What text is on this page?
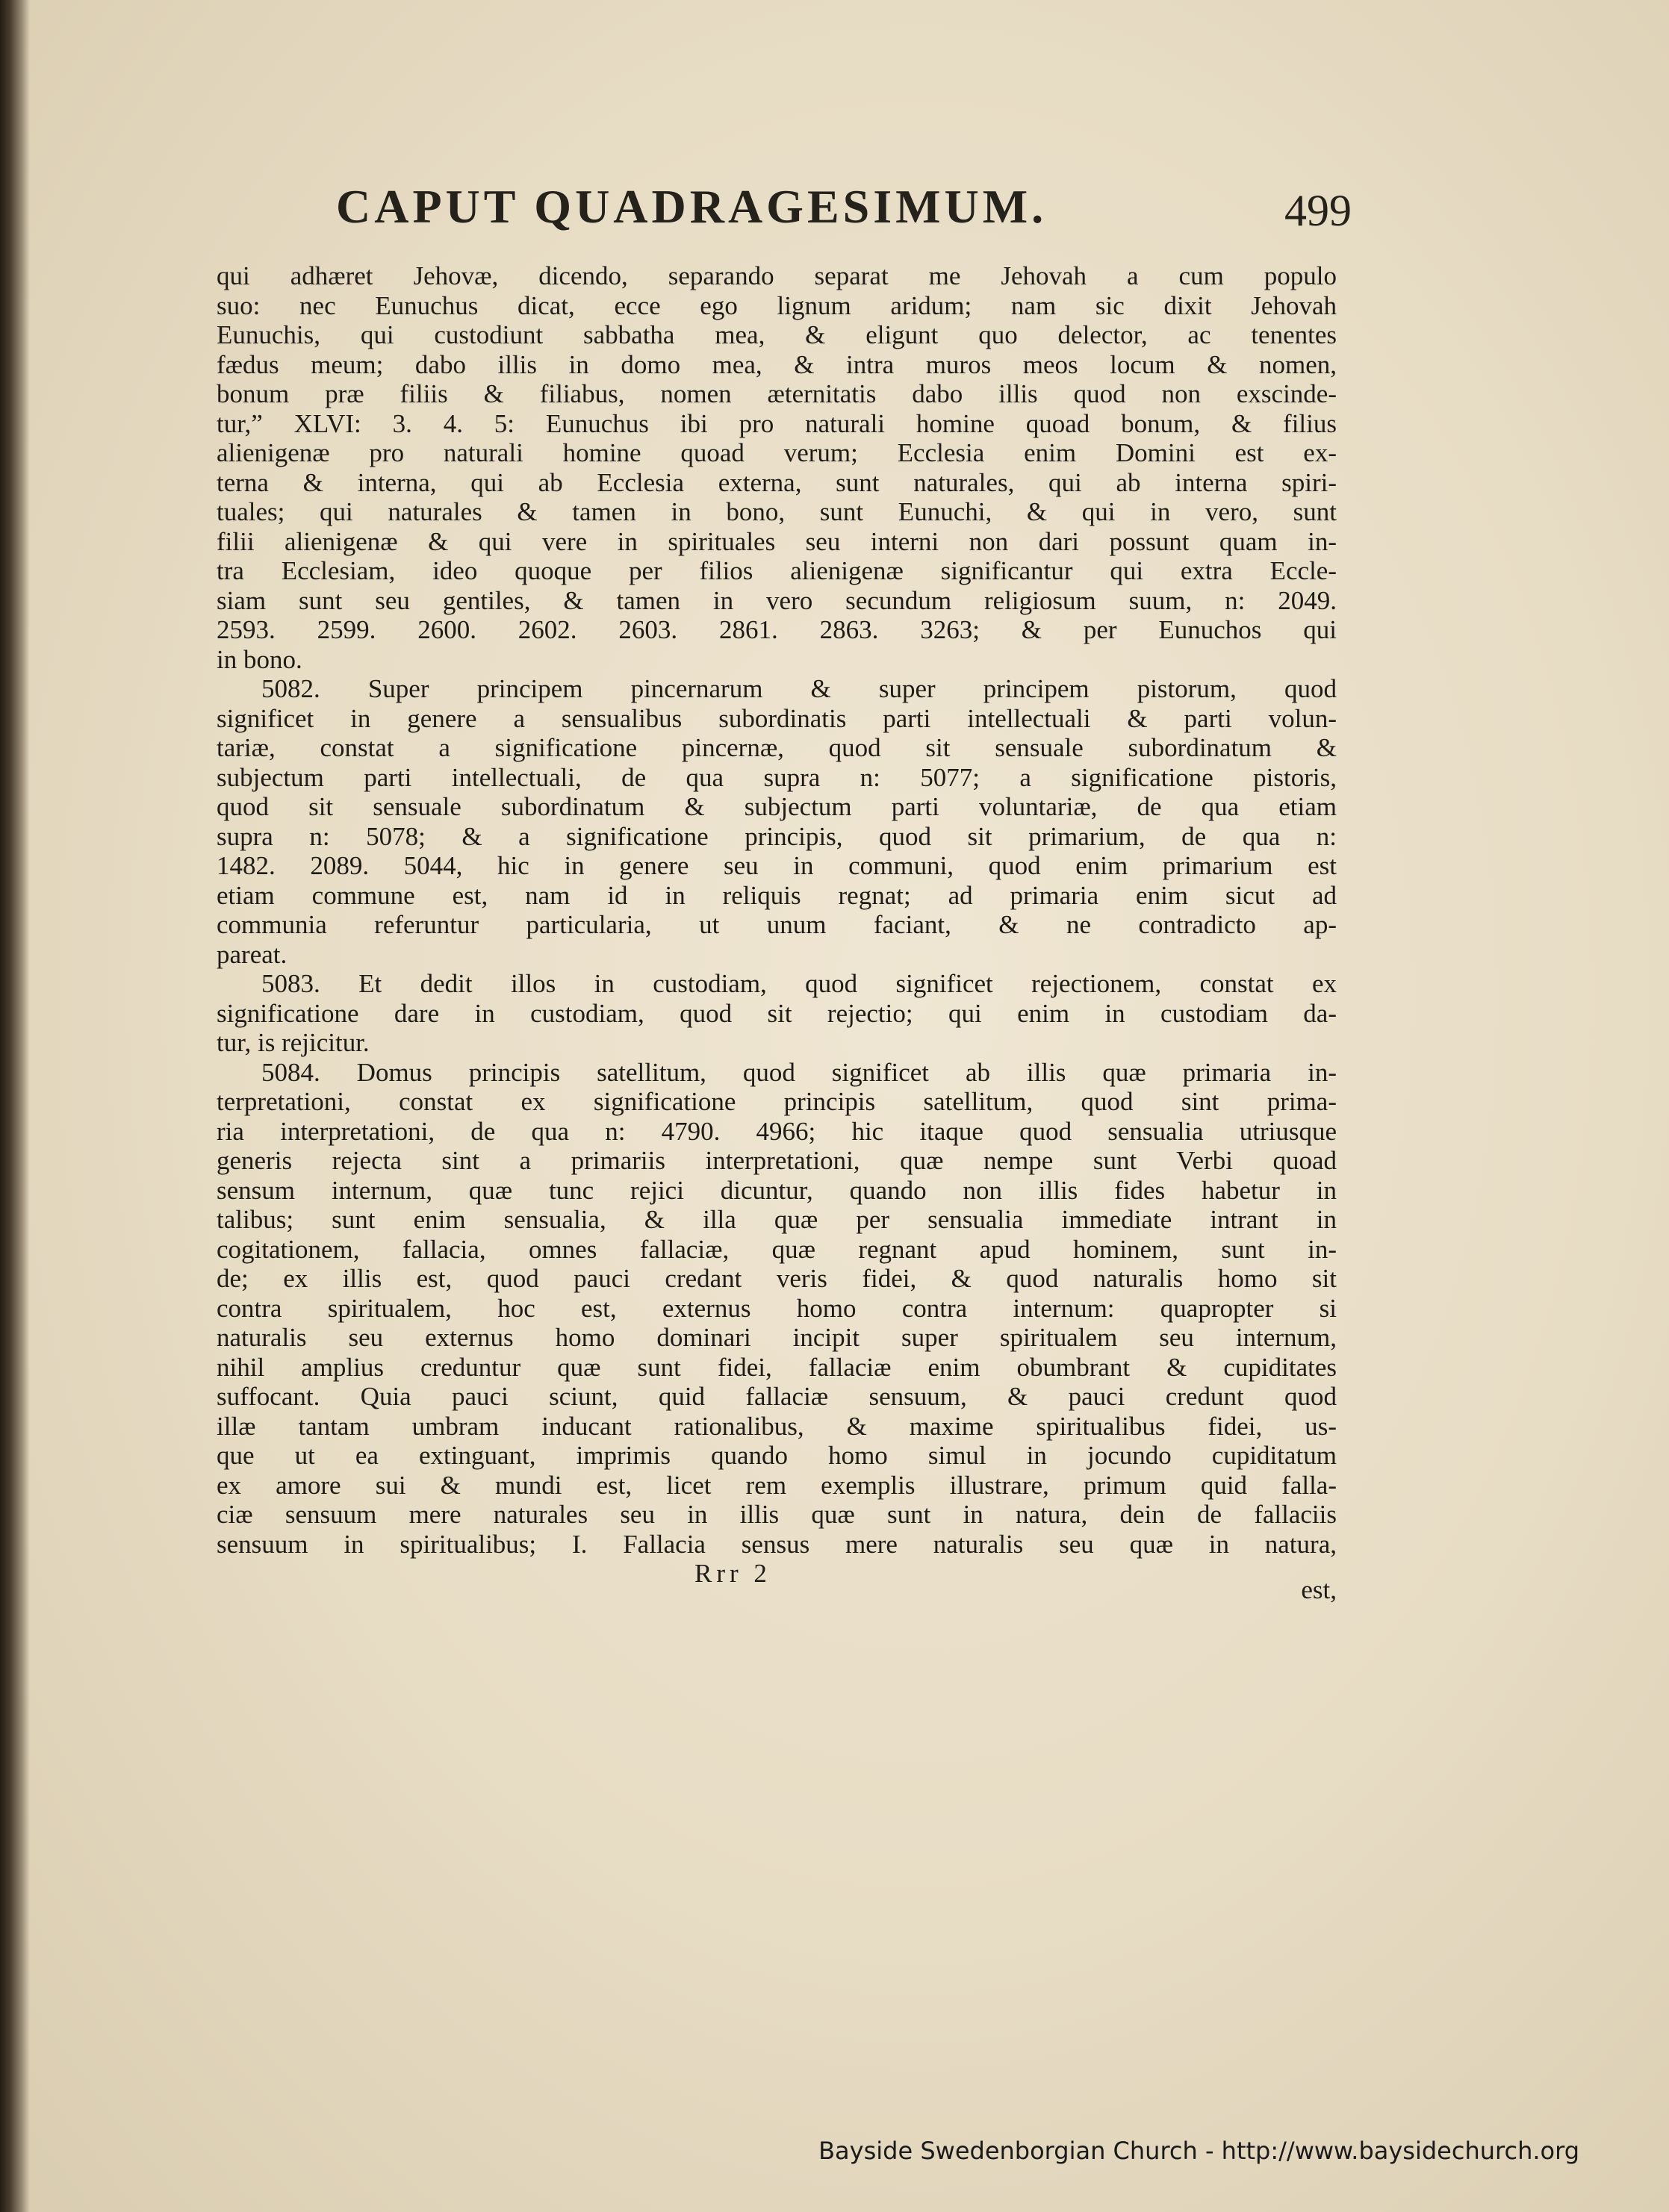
CAPUT QUADRAGESIMUM.	499

qui adhæret Jehovæ, dicendo, separando separat me Jehovah a cum populo

suo: nec Eunuchus dicat, ecce ego lignum aridum; nam sic dixit Jehovah

Eunuchis, qui custodiunt sabbatha mea, & eligunt quo delector, ac tenentes

fædus meum; dabo illis in domo mea, & intra muros meos locum & nomen,

bonum præ filiis & filiabus, nomen æternitatis dabo illis quod non exscinde-

tur,” XLVI: 3. 4. 5: Eunuchus ibi pro naturali homine quoad bonum, & filius

alienigenæ pro naturali homine quoad verum; Ecclesia enim Domini est ex-

terna & interna, qui ab Ecclesia externa, sunt naturales, qui ab interna spiri-

tuales; qui naturales & tamen in bono, sunt Eunuchi, & qui in vero, sunt

filii alienigenæ & qui vere in spirituales seu interni non dari possunt quam in-

tra Ecclesiam, ideo quoque per filios alienigenæ significantur qui extra Eccle-

siam sunt seu gentiles, & tamen in vero secundum religiosum suum, n: 2049.

2593. 2599. 2600. 2602. 2603. 2861. 2863. 3263; & per Eunuchos qui

in bono.

5082. Super principem pincernarum & super principem pistorum, quod

significet in genere a sensualibus subordinatis parti intellectuali & parti volun-

tariæ, constat a significatione pincernæ, quod sit sensuale subordinatum &

subjectum parti intellectuali, de qua supra n: 5077; a significatione pistoris,

quod sit sensuale subordinatum & subjectum parti voluntariæ, de qua etiam

supra n: 5078; & a significatione principis, quod sit primarium, de qua n:

1482. 2089. 5044, hic in genere seu in communi, quod enim primarium est

etiam commune est, nam id in reliquis regnat; ad primaria enim sicut ad

communia referuntur particularia, ut unum faciant, & ne contradicto ap-

pareat.

5083. Et dedit illos in custodiam, quod significet rejectionem, constat ex

significatione dare in custodiam, quod sit rejectio; qui enim in custodiam da-

tur, is rejicitur.

5084. Domus principis satellitum, quod significet ab illis quæ primaria in-

terpretationi, constat ex significatione principis satellitum, quod sint prima-

ria interpretationi, de qua n: 4790. 4966; hic itaque quod sensualia utriusque

generis rejecta sint a primariis interpretationi, quæ nempe sunt Verbi quoad

sensum internum, quæ tunc rejici dicuntur, quando non illis fides habetur in

talibus; sunt enim sensualia, & illa quæ per sensualia immediate intrant in

cogitationem, fallacia, omnes fallaciæ, quæ regnant apud hominem, sunt in-

de; ex illis est, quod pauci credant veris fidei, & quod naturalis homo sit

contra spiritualem, hoc est, externus homo contra internum: quapropter si

naturalis seu externus homo dominari incipit super spiritualem seu internum,

nihil amplius creduntur quæ sunt fidei, fallaciæ enim obumbrant & cupiditates

suffocant. Quia pauci sciunt, quid fallaciæ sensuum, & pauci credunt quod

illæ tantam umbram inducant rationalibus, & maxime spiritualibus fidei, us-

que ut ea extinguant, imprimis quando homo simul in jocundo cupiditatum

ex amore sui & mundi est, licet rem exemplis illustrare, primum quid falla-

ciæ sensuum mere naturales seu in illis quæ sunt in natura, dein de fallaciis

sensuum in spiritualibus; I. Fallacia sensus mere naturalis seu quæ in natura,

Rrr 2

est,

Bayside Swedenborgian Church - http://www.baysidechurch.org
